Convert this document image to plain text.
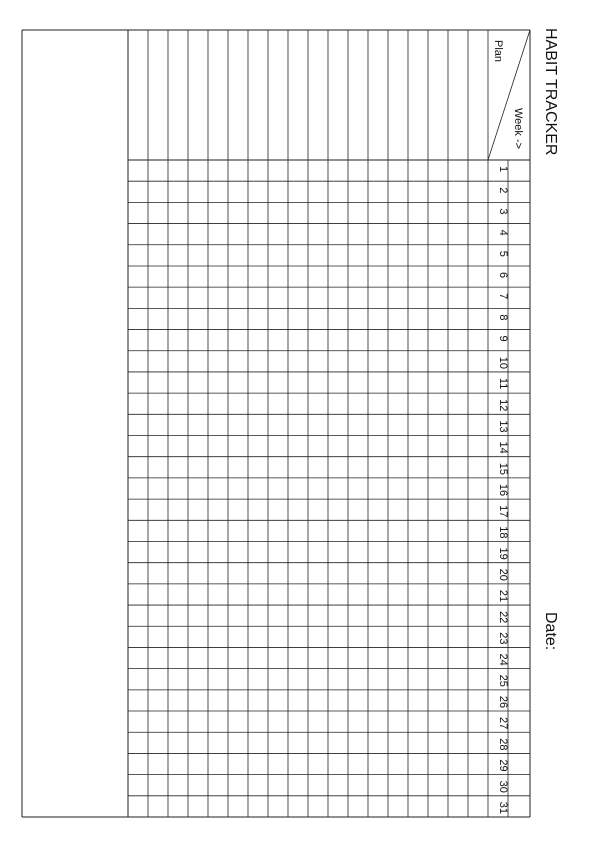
HABIT TRACKER
Date:
Week ->
Plan
1
2
3
4
5
6
7
8
9
10
11
12
13
14
15
16
17
18
19
20
21
22
23
24
25
26
27
28
29
30
31
